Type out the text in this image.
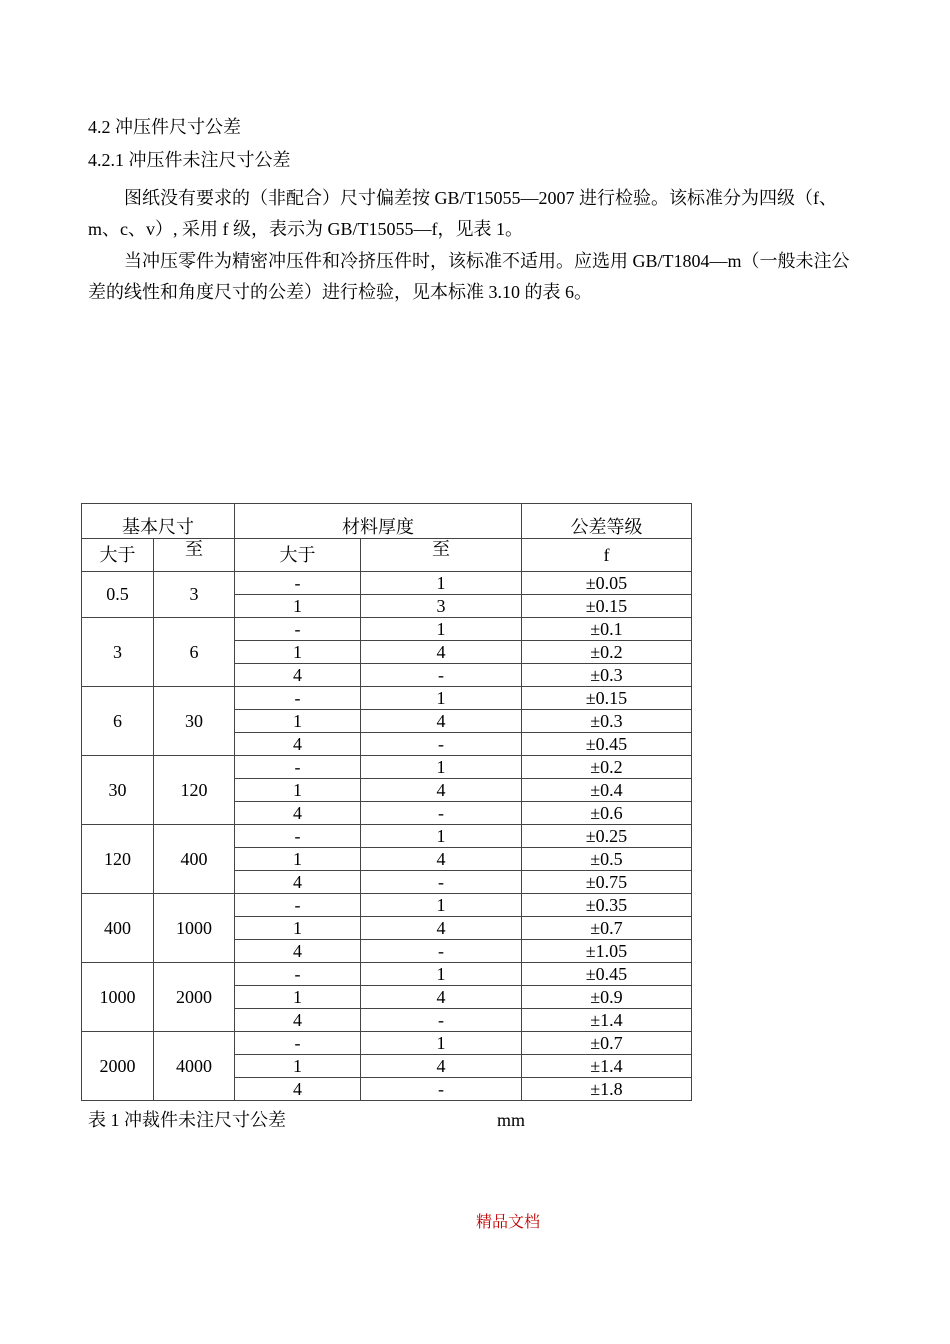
4.2 冲压件尺寸公差
4.2.1 冲压件未注尺寸公差

图纸没有要求的（非配合）尺寸偏差按 GB/T15055—2007 进行检验。该标准分为四级（f、m、c、v）, 采用 f 级，表示为 GB/T15055—f，见表 1。

当冲压零件为精密冲压件和冷挤压件时，该标准不适用。应选用 GB/T1804—m（一般未注公差的线性和角度尺寸的公差）进行检验，见本标准 3.10 的表 6。

基本尺寸		材料厚度		公差等级
大于	至	大于	至	f
0.5	3	-	1	±0.05
		1	3	±0.15
3	6	-	1	±0.1
		1	4	±0.2
		4	-	±0.3
6	30	-	1	±0.15
		1	4	±0.3
		4	-	±0.45
30	120	-	1	±0.2
		1	4	±0.4
		4	-	±0.6
120	400	-	1	±0.25
		1	4	±0.5
		4	-	±0.75
400	1000	-	1	±0.35
		1	4	±0.7
		4	-	±1.05
1000	2000	-	1	±0.45
		1	4	±0.9
		4	-	±1.4
2000	4000	-	1	±0.7
		1	4	±1.4
		4	-	±1.8
表 1 冲裁件未注尺寸公差	mm
精品文档
